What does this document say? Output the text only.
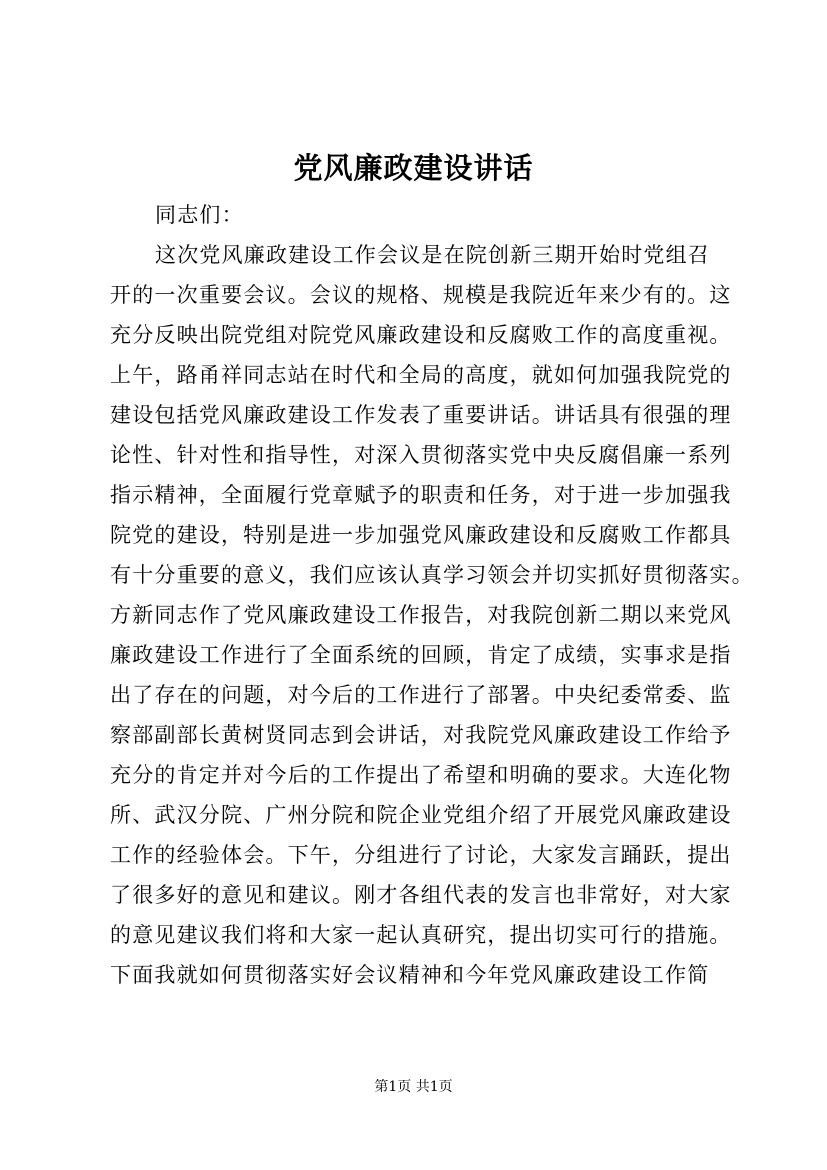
党风廉政建设讲话
同志们：
这次党风廉政建设工作会议是在院创新三期开始时党组召
开的一次重要会议。会议的规格、规模是我院近年来少有的。这
充分反映出院党组对院党风廉政建设和反腐败工作的高度重视。
上午，路甬祥同志站在时代和全局的高度，就如何加强我院党的
建设包括党风廉政建设工作发表了重要讲话。讲话具有很强的理
论性、针对性和指导性，对深入贯彻落实党中央反腐倡廉一系列
指示精神，全面履行党章赋予的职责和任务，对于进一步加强我
院党的建设，特别是进一步加强党风廉政建设和反腐败工作都具
有十分重要的意义，我们应该认真学习领会并切实抓好贯彻落实。
方新同志作了党风廉政建设工作报告，对我院创新二期以来党风
廉政建设工作进行了全面系统的回顾，肯定了成绩，实事求是指
出了存在的问题，对今后的工作进行了部署。中央纪委常委、监
察部副部长黄树贤同志到会讲话，对我院党风廉政建设工作给予
充分的肯定并对今后的工作提出了希望和明确的要求。大连化物
所、武汉分院、广州分院和院企业党组介绍了开展党风廉政建设
工作的经验体会。下午，分组进行了讨论，大家发言踊跃，提出
了很多好的意见和建议。刚才各组代表的发言也非常好，对大家
的意见建议我们将和大家一起认真研究，提出切实可行的措施。
下面我就如何贯彻落实好会议精神和今年党风廉政建设工作简
第1页 共1页
